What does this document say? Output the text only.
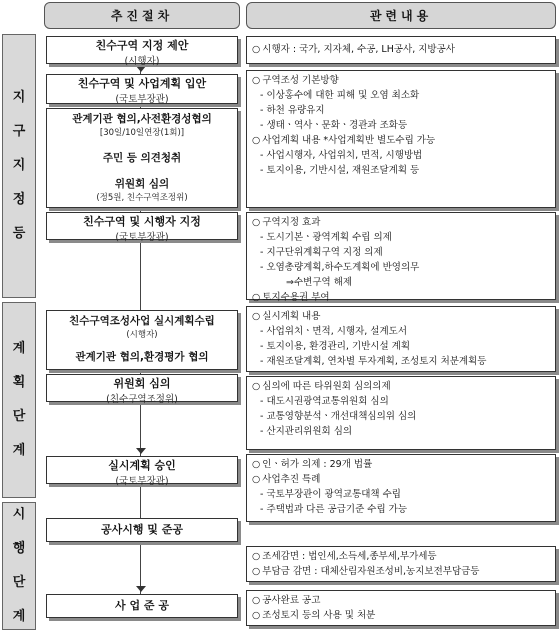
추진절차	관련내용
지
구
지
정
등
계
획
단
계
시
행
단
계
친수구역 지정 제안
(시행자)
친수구역 및 사업계획 입안
(국토부장관)
관계기관 협의,사전환경성협의
[30일/10일연장(1회)]
주민 등 의견청취
위원회 심의
(정5원, 친수구역조정위)
친수구역 및 시행자 지정
(국토부장관)
친수구역조성사업 실시계획수립
(시행자)
관계기관 협의,환경평가 협의
위원회 심의
(친수구역조정위)
실시계획 승인
(국토부장관)
공사시행 및 준공
사 업 준 공
○ 시행자 : 국가, 지자체, 수공, LH공사, 지방공사
○ 구역조성 기본방향
- 이상홍수에 대한 피해 및 오염 최소화
- 하천 유량유지
- 생태ㆍ역사ㆍ문화ㆍ경관과 조화등
○ 사업계획 내용 *사업계획반 별도수립 가능
- 사업시행자, 사업위치, 면적, 시행방법
- 토지이용, 기반시설, 재원조달계획 등
○ 구역지정 효과
- 도시기본ㆍ광역계획 수립 의제
- 지구단위계획구역 지정 의제
- 오염총량계획,하수도계획에 반영의무
⇒수변구역 해제
○ 토지수용권 부여
○ 실시계획 내용
- 사업위치ㆍ면적, 시행자, 설계도서
- 토지이용, 환경관리, 기반시설 계획
- 재원조달계획, 연차별 투자계획, 조성토지 처분계획등
○ 심의에 따른 타위원회 심의의제
- 대도시권광역교통위원회 심의
- 교통영향분석ㆍ개선대책심의위 심의
- 산지관리위원회 심의
○ 인ㆍ허가 의제 : 29개 법률
○ 사업추진 특례
- 국토부장관이 광역교통대책 수립
- 주택법과 다른 공급기준 수립 가능
○ 조세감면 : 법인세,소득세,종부세,부가세등
○ 부담금 감면 : 대체산림자원조성비,농지보전부담금등
○ 공사완료 공고
○ 조성토지 등의 사용 및 처분
